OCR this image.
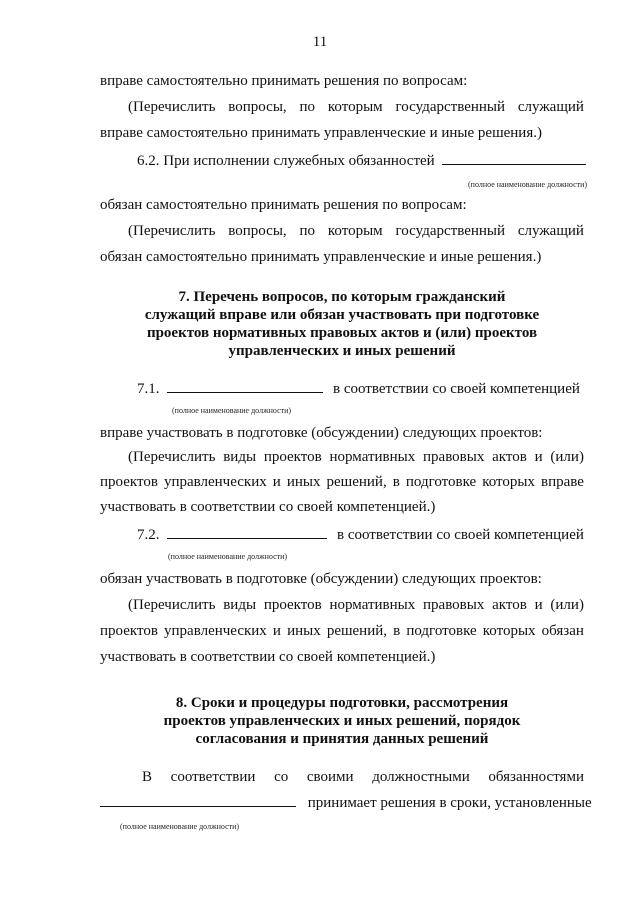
11
вправе самостоятельно принимать решения по вопросам:
(Перечислить вопросы, по которым государственный служащий
вправе самостоятельно принимать управленческие и иные решения.)
6.2. При исполнении служебных обязанностей
(полное наименование должности)
обязан самостоятельно принимать решения по вопросам:
(Перечислить вопросы, по которым государственный служащий
обязан самостоятельно принимать управленческие и иные решения.)
7. Перечень вопросов, по которым гражданский
служащий вправе или обязан участвовать при подготовке
проектов нормативных правовых актов и (или) проектов
управленческих и иных решений
7.1.	в соответствии со своей компетенцией
(полное наименование должности)
вправе участвовать в подготовке (обсуждении) следующих проектов:
(Перечислить виды проектов нормативных правовых актов и (или)
проектов управленческих и иных решений, в подготовке которых вправе
участвовать в соответствии со своей компетенцией.)
7.2.	в соответствии со своей компетенцией
(полное наименование должности)
обязан участвовать в подготовке (обсуждении) следующих проектов:
(Перечислить виды проектов нормативных правовых актов и (или)
проектов управленческих и иных решений, в подготовке которых обязан
участвовать в соответствии со своей компетенцией.)
8. Сроки и процедуры подготовки, рассмотрения
проектов управленческих и иных решений, порядок
согласования и принятия данных решений
В соответствии со своими должностными обязанностями
принимает решения в сроки, установленные
(полное наименование должности)
